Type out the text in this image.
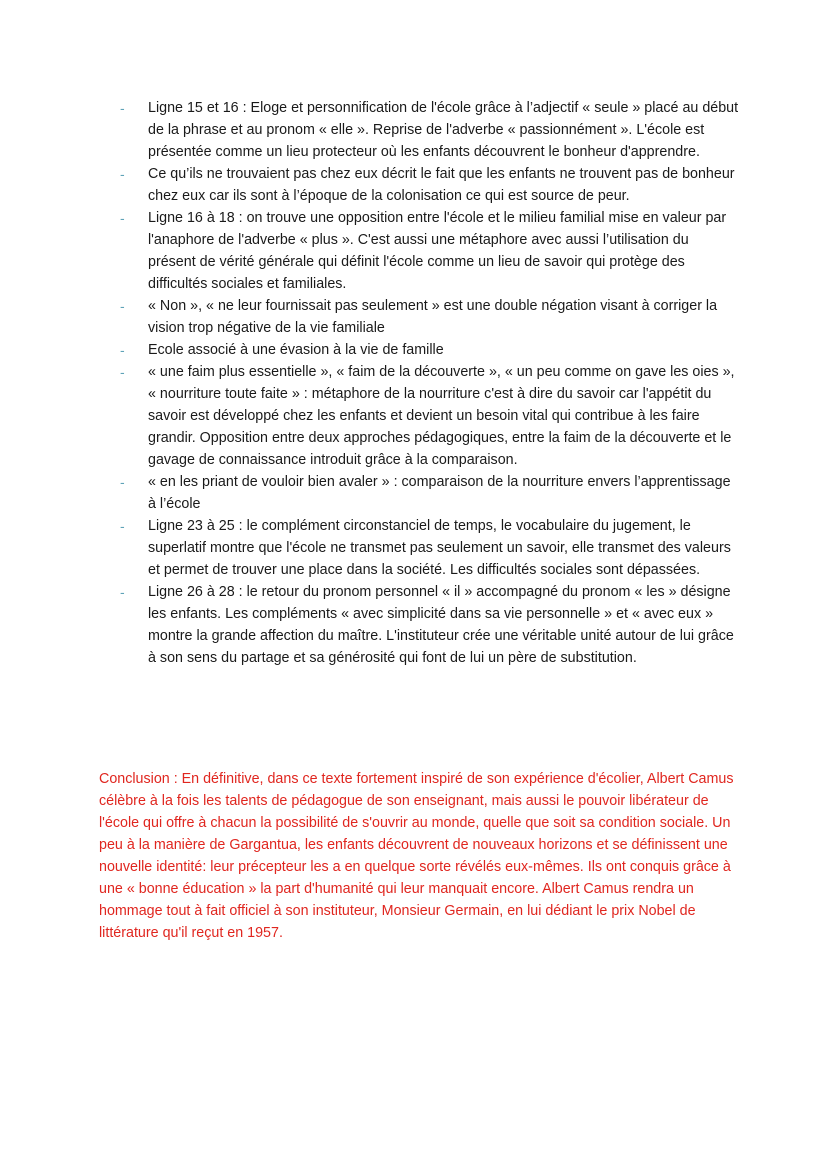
- Ligne 15 et 16 : Eloge et personnification de l'école grâce à l’adjectif « seule » placé au début de la phrase et au pronom « elle ». Reprise de l'adverbe « passionnément ». L'école est présentée comme un lieu protecteur où les enfants découvrent le bonheur d'apprendre.
- Ce qu’ils ne trouvaient pas chez eux décrit le fait que les enfants ne trouvent pas de bonheur chez eux car ils sont à l’époque de la colonisation ce qui est source de peur.
- Ligne 16 à 18 : on trouve une opposition entre l'école et le milieu familial mise en valeur par l'anaphore de l'adverbe « plus ». C'est aussi une métaphore avec aussi l’utilisation du présent de vérité générale qui définit l'école comme un lieu de savoir qui protège des difficultés sociales et familiales.
- « Non », « ne leur fournissait pas seulement » est une double négation visant à corriger la vision trop négative de la vie familiale
- Ecole associé à une évasion à la vie de famille
- « une faim plus essentielle », « faim de la découverte », « un peu comme on gave les oies », « nourriture toute faite » : métaphore de la nourriture c'est à dire du savoir car l'appétit du savoir est développé chez les enfants et devient un besoin vital qui contribue à les faire grandir. Opposition entre deux approches pédagogiques, entre la faim de la découverte et le gavage de connaissance introduit grâce à la comparaison.
- « en les priant de vouloir bien avaler » : comparaison de la nourriture envers l’apprentissage à l’école
- Ligne 23 à 25 : le complément circonstanciel de temps, le vocabulaire du jugement, le superlatif montre que l'école ne transmet pas seulement un savoir, elle transmet des valeurs et permet de trouver une place dans la société. Les difficultés sociales sont dépassées.
- Ligne 26 à 28 : le retour du pronom personnel « il » accompagné du pronom « les » désigne les enfants. Les compléments « avec simplicité dans sa vie personnelle » et « avec eux » montre la grande affection du maître. L'instituteur crée une véritable unité autour de lui grâce à son sens du partage et sa générosité qui font de lui un père de substitution.

Conclusion : En définitive, dans ce texte fortement inspiré de son expérience d'écolier, Albert Camus célèbre à la fois les talents de pédagogue de son enseignant, mais aussi le pouvoir libérateur de l'école qui offre à chacun la possibilité de s'ouvrir au monde, quelle que soit sa condition sociale. Un peu à la manière de Gargantua, les enfants découvrent de nouveaux horizons et se définissent une nouvelle identité: leur précepteur les a en quelque sorte révélés eux-mêmes. Ils ont conquis grâce à une « bonne éducation » la part d'humanité qui leur manquait encore. Albert Camus rendra un hommage tout à fait officiel à son instituteur, Monsieur Germain, en lui dédiant le prix Nobel de littérature qu'il reçut en 1957.
